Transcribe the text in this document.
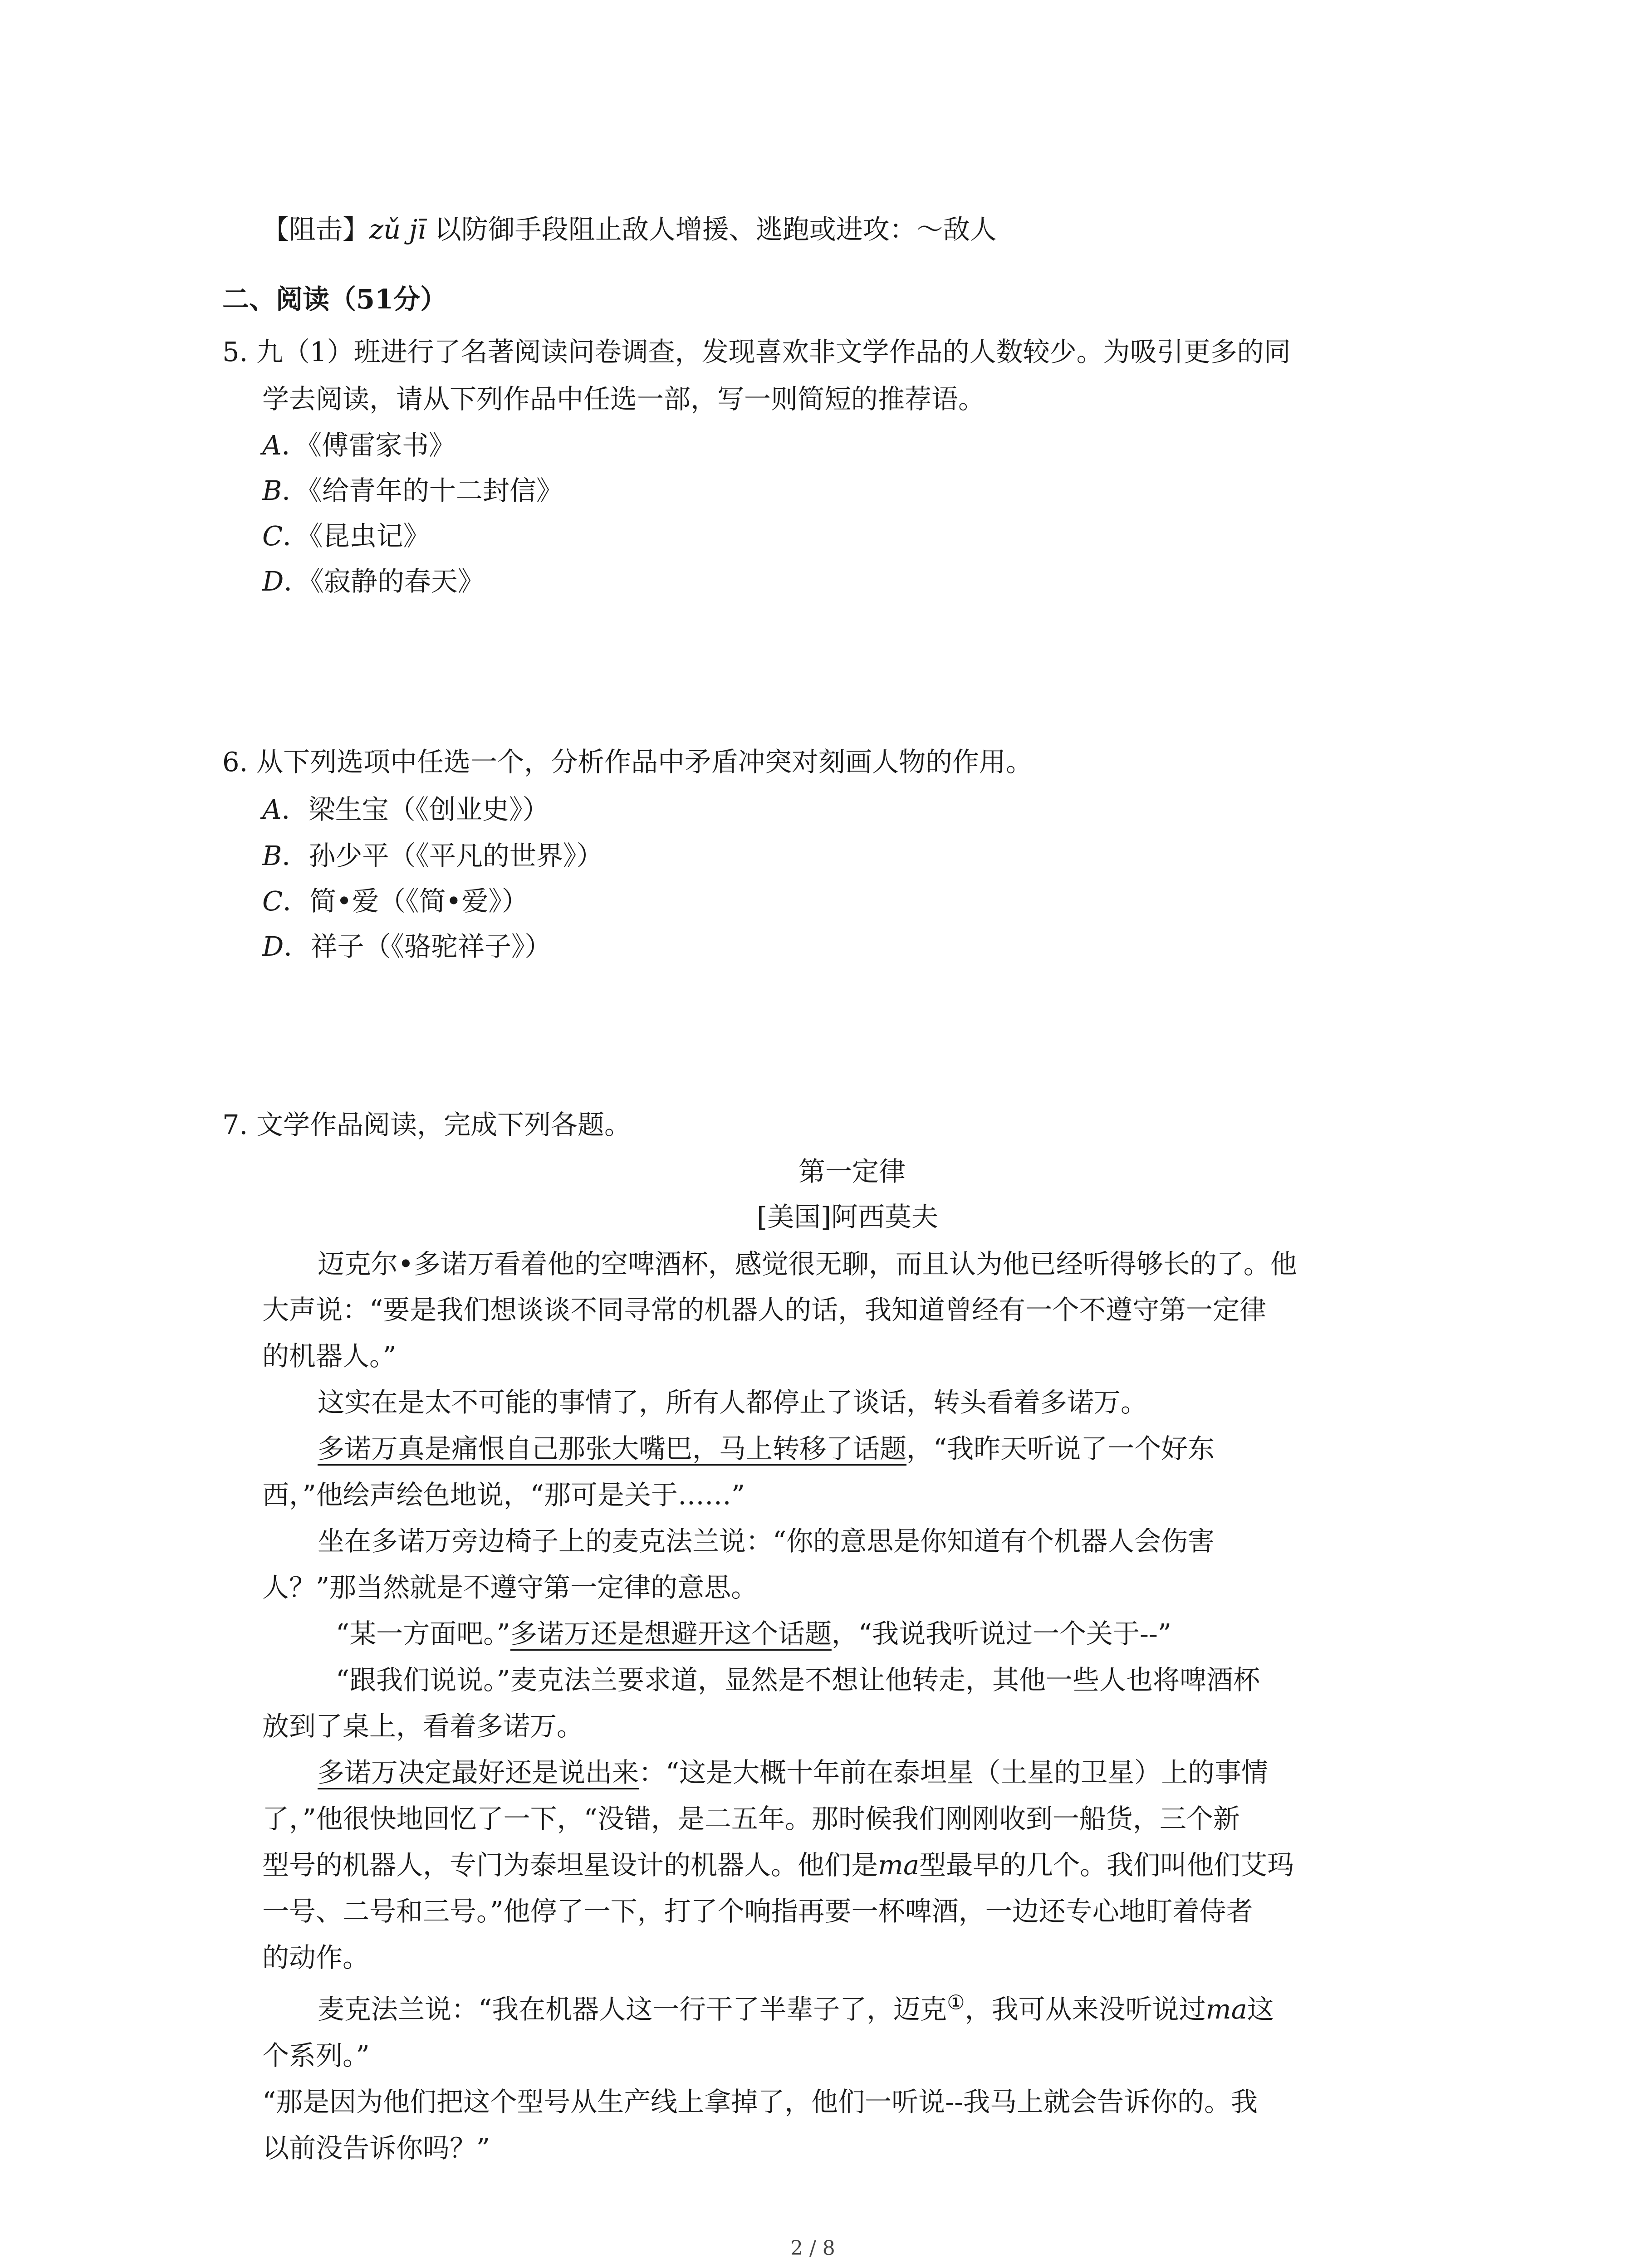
【阻击】zǔ jī 以防御手段阻止敌人增援、逃跑或进攻：～敌人
二、阅读（51分）
5. 九（1）班进行了名著阅读问卷调查，发现喜欢非文学作品的人数较少。为吸引更多的同
学去阅读，请从下列作品中任选一部，写一则简短的推荐语。
A．《傅雷家书》
B．《给青年的十二封信》
C．《昆虫记》
D．《寂静的春天》
6. 从下列选项中任选一个，分析作品中矛盾冲突对刻画人物的作用。
A．梁生宝（《创业史》）
B．孙少平（《平凡的世界》）
C．简•爱（《简•爱》）
D．祥子（《骆驼祥子》）
7. 文学作品阅读，完成下列各题。
第一定律
[美国]阿西莫夫
迈克尔•多诺万看着他的空啤酒杯，感觉很无聊，而且认为他已经听得够长的了。他
大声说：“要是我们想谈谈不同寻常的机器人的话，我知道曾经有一个不遵守第一定律
的机器人。”
这实在是太不可能的事情了，所有人都停止了谈话，转头看着多诺万。
多诺万真是痛恨自己那张大嘴巴，马上转移了话题，“我昨天听说了一个好东
西，”他绘声绘色地说，“那可是关于……”
坐在多诺万旁边椅子上的麦克法兰说：“你的意思是你知道有个机器人会伤害
人？”那当然就是不遵守第一定律的意思。
“某一方面吧。”多诺万还是想避开这个话题，“我说我听说过一个关于--”
“跟我们说说。”麦克法兰要求道，显然是不想让他转走，其他一些人也将啤酒杯
放到了桌上，看着多诺万。
多诺万决定最好还是说出来：“这是大概十年前在泰坦星（土星的卫星）上的事情
了，”他很快地回忆了一下，“没错，是二五年。那时候我们刚刚收到一船货，三个新
型号的机器人，专门为泰坦星设计的机器人。他们是ma型最早的几个。我们叫他们艾玛
一号、二号和三号。”他停了一下，打了个响指再要一杯啤酒，一边还专心地盯着侍者
的动作。
麦克法兰说：“我在机器人这一行干了半辈子了，迈克①，我可从来没听说过ma这
个系列。”
“那是因为他们把这个型号从生产线上拿掉了，他们一听说--我马上就会告诉你的。我
以前没告诉你吗？”
2 / 8
